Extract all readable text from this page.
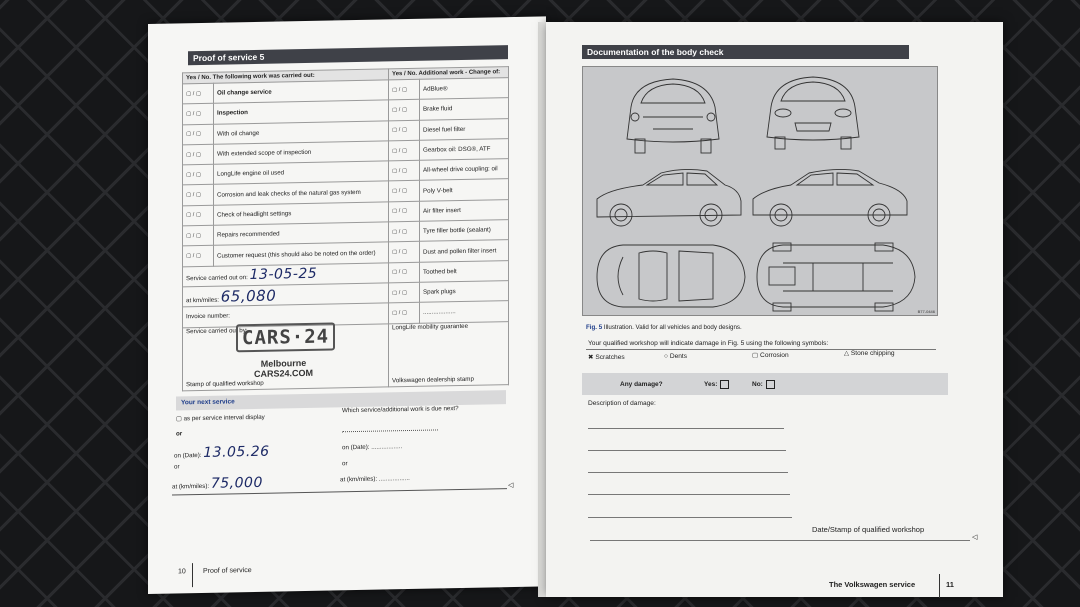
Proof of service 5
Yes / No. The following work was carried out:		Yes / No. Additional work - Change of:	
▢ / ▢	Oil change service	▢ / ▢	AdBlue®
▢ / ▢	Inspection	▢ / ▢	Brake fluid
▢ / ▢	With oil change	▢ / ▢	Diesel fuel filter
▢ / ▢	With extended scope of inspection	▢ / ▢	Gearbox oil: DSG®, ATF
▢ / ▢	LongLife engine oil used	▢ / ▢	All-wheel drive coupling: oil
▢ / ▢	Corrosion and leak checks of the natural gas system	▢ / ▢	Poly V-belt
▢ / ▢	Check of headlight settings	▢ / ▢	Air filter insert
▢ / ▢	Repairs recommended	▢ / ▢	Tyre filler bottle (sealant)
▢ / ▢	Customer request (this should also be noted on the order)	▢ / ▢	Dust and pollen filter insert
Service carried out on: 13-05-25		▢ / ▢	Toothed belt
at km/miles: 65,080		▢ / ▢	Spark plugs
Invoice number:		▢ / ▢	...................
Service carried out by:
Stamp of qualified workshop		LongLife mobility guarantee
Volkswagen dealership stamp	
CARS·24
Melbourne
CARS24.COM
Your next service
▢ as per service interval display
Which service/additional work is due next?
or
on (Date): 13.05.26	on (Date): ..................
or	or
at (km/miles): 75,000	at (km/miles): ..................
◁
10 Proof of service
Documentation of the body check
B77-0446
Fig. 5 Illustration. Valid for all vehicles and body designs.
Your qualified workshop will indicate damage in Fig. 5 using the following symbols:
✖ Scratches	○ Dents	▢ Corrosion	△ Stone chipping
Any damage?	Yes:	No:
Description of damage:
Date/Stamp of qualified workshop
◁
The Volkswagen service	11
